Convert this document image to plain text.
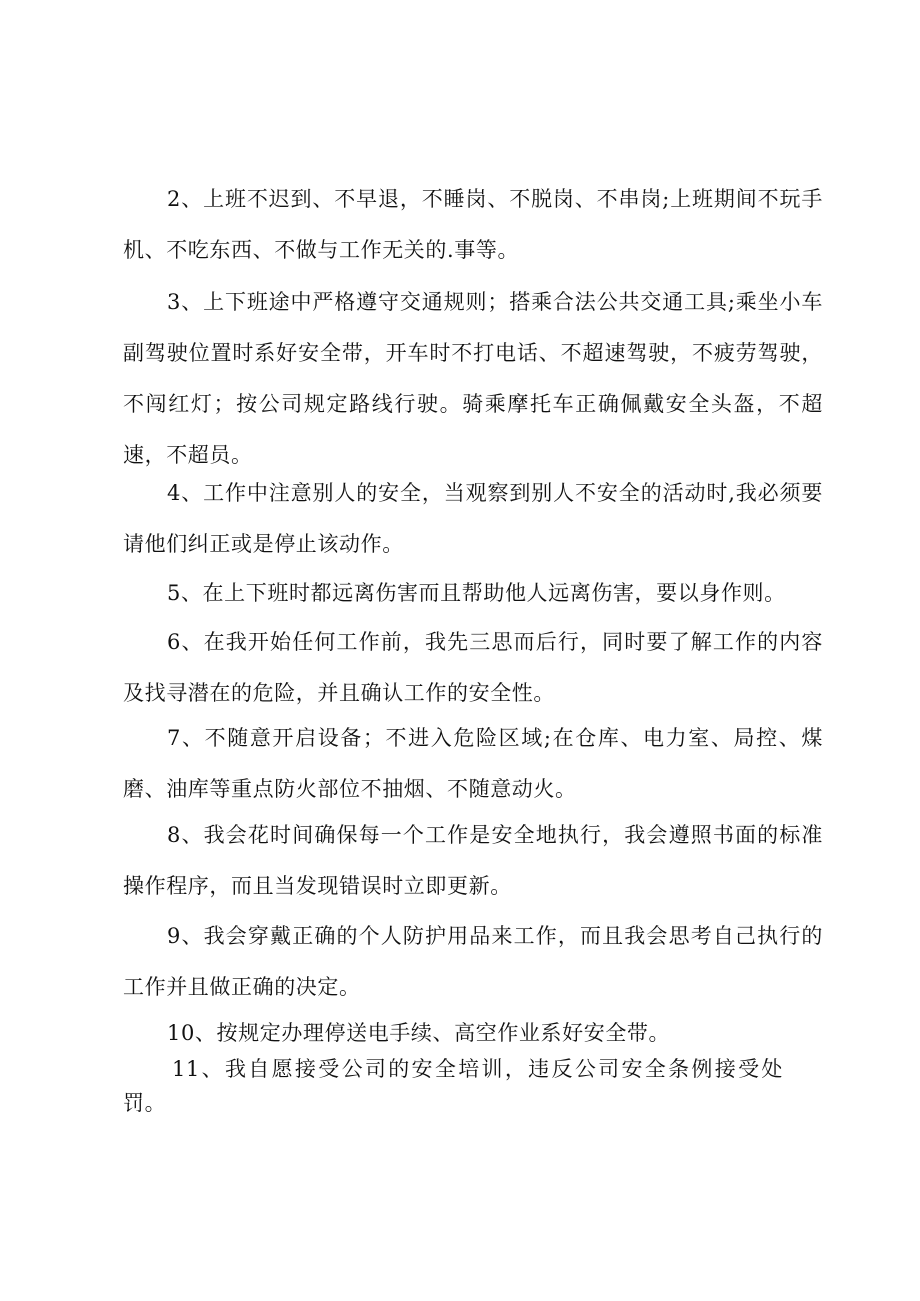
2、上班不迟到、不早退，不睡岗、不脱岗、不串岗;上班期间不玩手机、不吃东西、不做与工作无关的.事等。

3、上下班途中严格遵守交通规则；搭乘合法公共交通工具;乘坐小车副驾驶位置时系好安全带，开车时不打电话、不超速驾驶，不疲劳驾驶，不闯红灯；按公司规定路线行驶。骑乘摩托车正确佩戴安全头盔，不超速，不超员。

4、工作中注意别人的安全，当观察到别人不安全的活动时,我必须要请他们纠正或是停止该动作。

5、在上下班时都远离伤害而且帮助他人远离伤害，要以身作则。

6、在我开始任何工作前，我先三思而后行，同时要了解工作的内容及找寻潜在的危险，并且确认工作的安全性。

7、不随意开启设备；不进入危险区域;在仓库、电力室、局控、煤磨、油库等重点防火部位不抽烟、不随意动火。

8、我会花时间确保每一个工作是安全地执行，我会遵照书面的标准操作程序，而且当发现错误时立即更新。

9、我会穿戴正确的个人防护用品来工作，而且我会思考自己执行的工作并且做正确的决定。

10、按规定办理停送电手续、高空作业系好安全带。

11、我自愿接受公司的安全培训，违反公司安全条例接受处罚。
